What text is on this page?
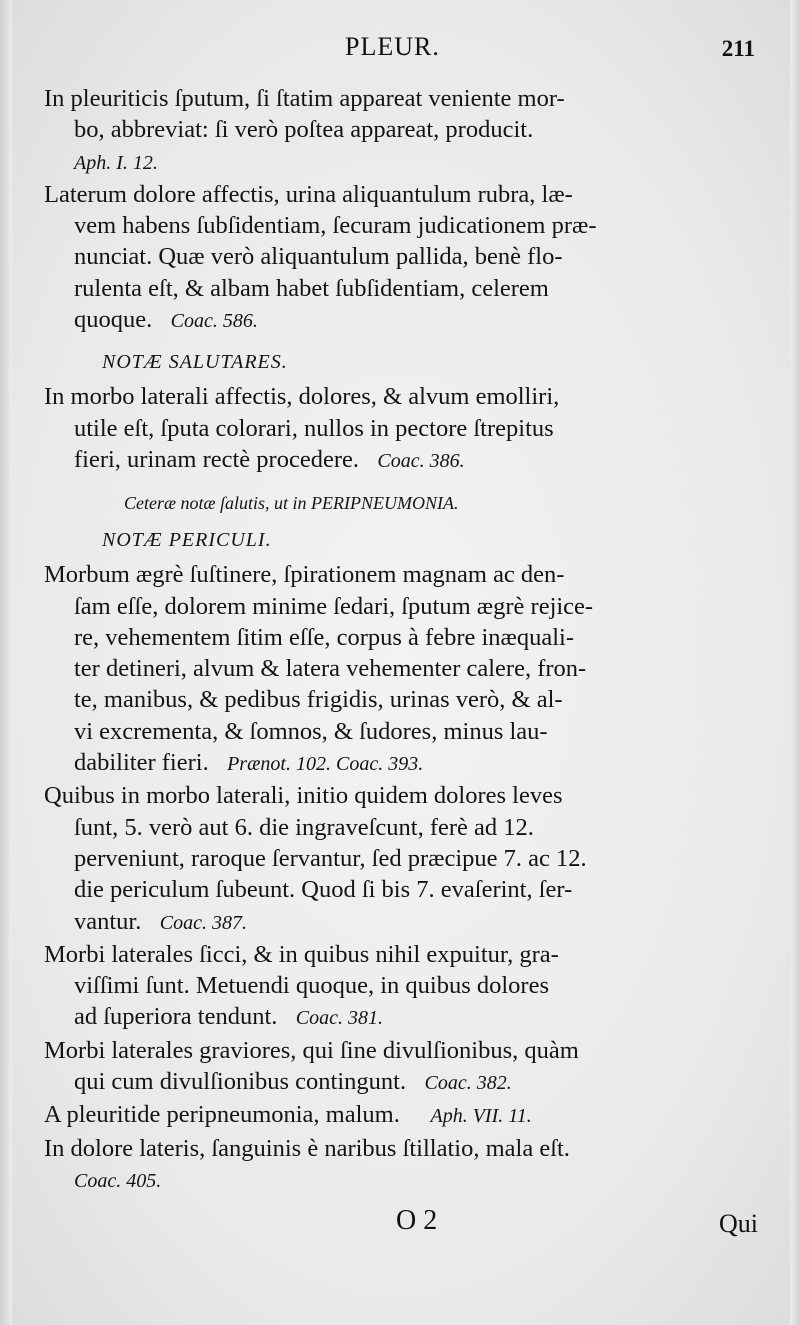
PLEUR.	211

In pleuriticis ſputum, ſi ſtatim appareat veniente mor-
bo, abbreviat: ſi verò poſtea appareat, producit.
Aph. I. 12.

Laterum dolore affectis, urina aliquantulum rubra, læ-
vem habens ſubſidentiam, ſecuram judicationem præ-
nunciat. Quæ verò aliquantulum pallida, benè flo-
rulenta eſt, & albam habet ſubſidentiam, celerem
quoque. Coac. 586.

NOTÆ SALUTARES.

In morbo laterali affectis, dolores, & alvum emolliri,
utile eſt, ſputa colorari, nullos in pectore ſtrepitus
fieri, urinam rectè procedere. Coac. 386.

Ceteræ notæ ſalutis, ut in PERIPNEUMONIA.
NOTÆ PERICULI.

Morbum ægrè ſuſtinere, ſpirationem magnam ac den-
ſam eſſe, dolorem minime ſedari, ſputum ægrè rejice-
re, vehementem ſitim eſſe, corpus à febre inæquali-
ter detineri, alvum & latera vehementer calere, fron-
te, manibus, & pedibus frigidis, urinas verò, & al-
vi excrementa, & ſomnos, & ſudores, minus lau-
dabiliter fieri. Prænot. 102. Coac. 393.

Quibus in morbo laterali, initio quidem dolores leves
ſunt, 5. verò aut 6. die ingraveſcunt, ferè ad 12.
perveniunt, raroque ſervantur, ſed præcipue 7. ac 12.
die periculum ſubeunt. Quod ſi bis 7. evaſerint, ſer-
vantur. Coac. 387.

Morbi laterales ſicci, & in quibus nihil expuitur, gra-
viſſimi ſunt. Metuendi quoque, in quibus dolores
ad ſuperiora tendunt. Coac. 381.

Morbi laterales graviores, qui ſine divulſionibus, quàm
qui cum divulſionibus contingunt. Coac. 382.

A pleuritide peripneumonia, malum. Aph. VII. 11.

In dolore lateris, ſanguinis è naribus ſtillatio, mala eſt.
Coac. 405.

O 2	Qui
